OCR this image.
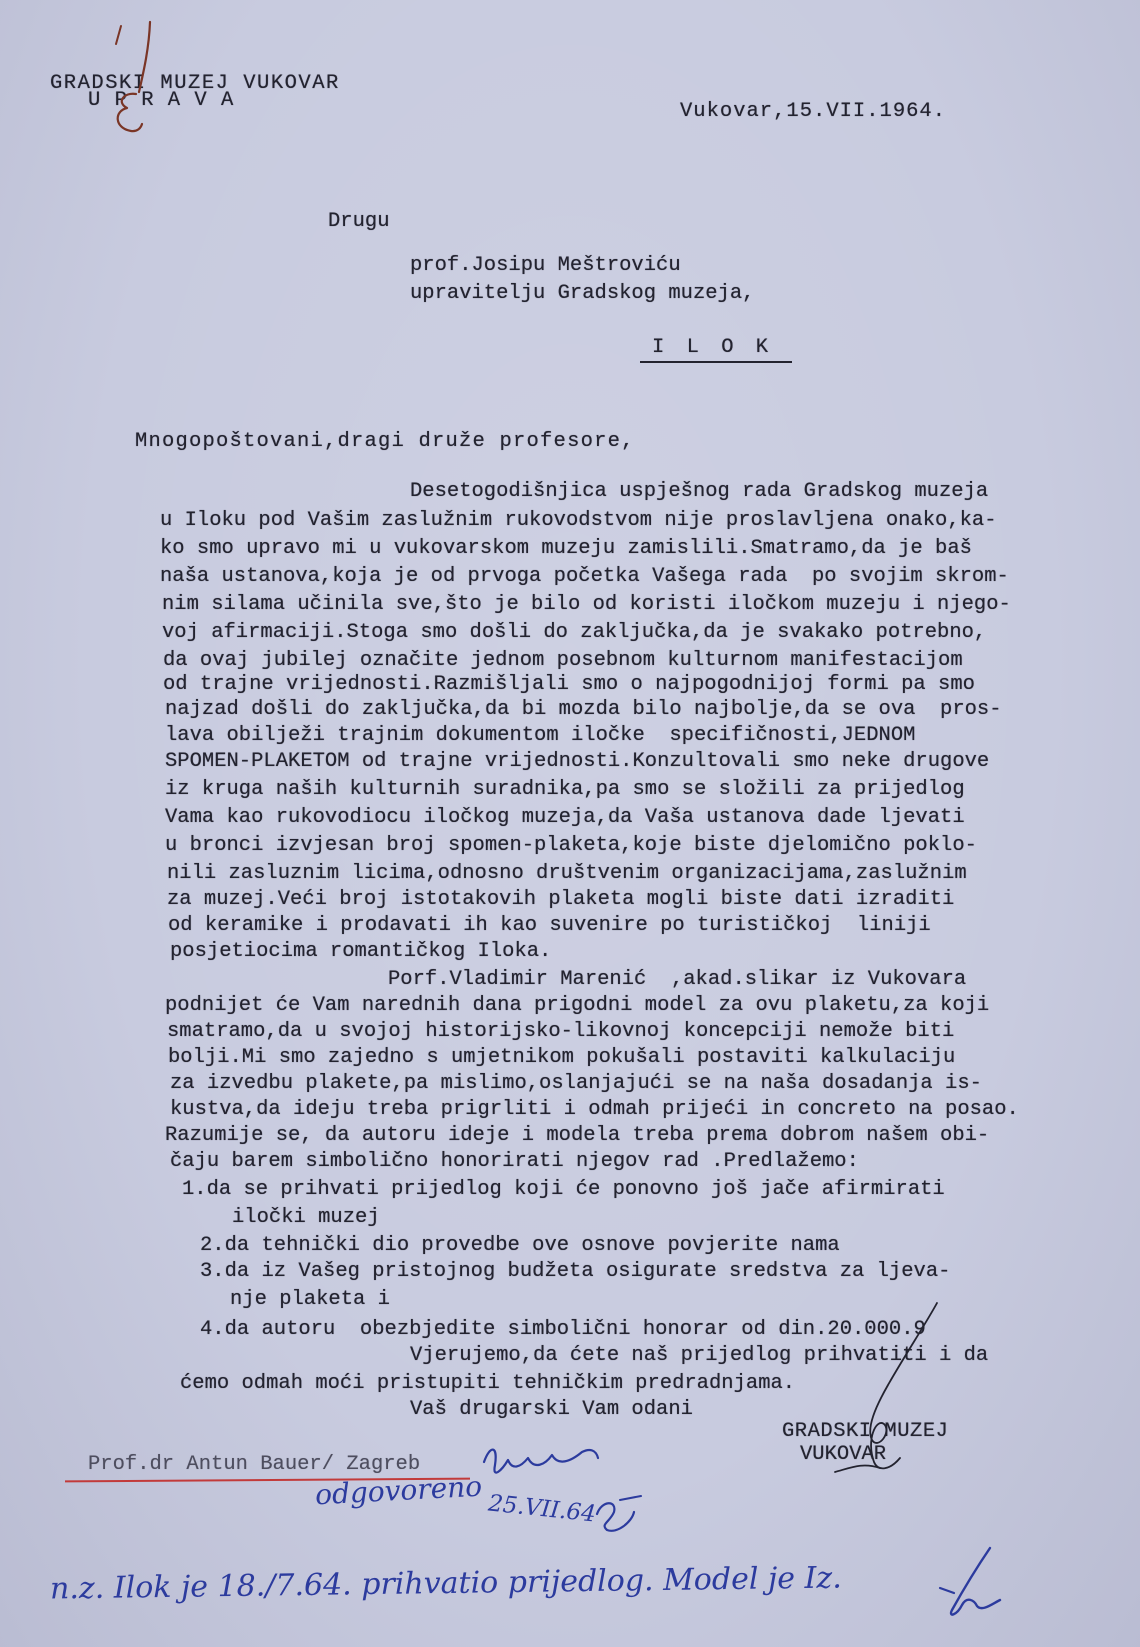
GRADSKI MUZEJ VUKOVAR
U P R A V A	Vukovar,15.VII.1964.
Drugu
prof.Josipu Meštroviću
upravitelju Gradskog muzeja,
I L O K
Mnogopoštovani,dragi druže profesore,
Desetogodišnjica uspješnog rada Gradskog muzeja
u Iloku pod Vašim zaslužnim rukovodstvom nije proslavljena onako,ka-
ko smo upravo mi u vukovarskom muzeju zamislili.Smatramo,da je baš
naša ustanova,koja je od prvoga početka Vašega rada  po svojim skrom-
nim silama učinila sve,što je bilo od koristi iločkom muzeju i njego-
voj afirmaciji.Stoga smo došli do zaključka,da je svakako potrebno,
da ovaj jubilej označite jednom posebnom kulturnom manifestacijom
od trajne vrijednosti.Razmišljali smo o najpogodnijoj formi pa smo
najzad došli do zaključka,da bi mozda bilo najbolje,da se ova  pros-
lava obilježi trajnim dokumentom iločke  specifičnosti,JEDNOM
SPOMEN-PLAKETOM od trajne vrijednosti.Konzultovali smo neke drugove
iz kruga naših kulturnih suradnika,pa smo se složili za prijedlog
Vama kao rukovodiocu iločkog muzeja,da Vaša ustanova dade ljevati
u bronci izvjesan broj spomen-plaketa,koje biste djelomično poklo-
nili zasluznim licima,odnosno društvenim organizacijama,zaslužnim
za muzej.Veći broj istotakovih plaketa mogli biste dati izraditi
od keramike i prodavati ih kao suvenire po turističkoj  liniji
posjetiocima romantičkog Iloka.
Porf.Vladimir Marenić  ,akad.slikar iz Vukovara
podnijet će Vam narednih dana prigodni model za ovu plaketu,za koji
smatramo,da u svojoj historijsko-likovnoj koncepciji nemože biti
bolji.Mi smo zajedno s umjetnikom pokušali postaviti kalkulaciju
za izvedbu plakete,pa mislimo,oslanjajući se na naša dosadanja is-
kustva,da ideju treba prigrliti i odmah prijeći in concreto na posao.
Razumije se, da autoru ideje i modela treba prema dobrom našem obi-
čaju barem simbolično honorirati njegov rad .Predlažemo:
1.da se prihvati prijedlog koji će ponovno još jače afirmirati
iločki muzej
2.da tehnički dio provedbe ove osnove povjerite nama
3.da iz Vašeg pristojnog budžeta osigurate sredstva za ljeva-
nje plaketa i
4.da autoru  obezbjedite simbolični honorar od din.20.000.9
Vjerujemo,da ćete naš prijedlog prihvatiti i da
ćemo odmah moći pristupiti tehničkim predradnjama.
Vaš drugarski Vam odani
GRADSKI MUZEJ
VUKOVAR
Prof.dr Antun Bauer/ Zagreb
odgovoreno 25.VII.64
n.z. Ilok je 18./7.64. prihvatio prijedlog. Model je Iz.
